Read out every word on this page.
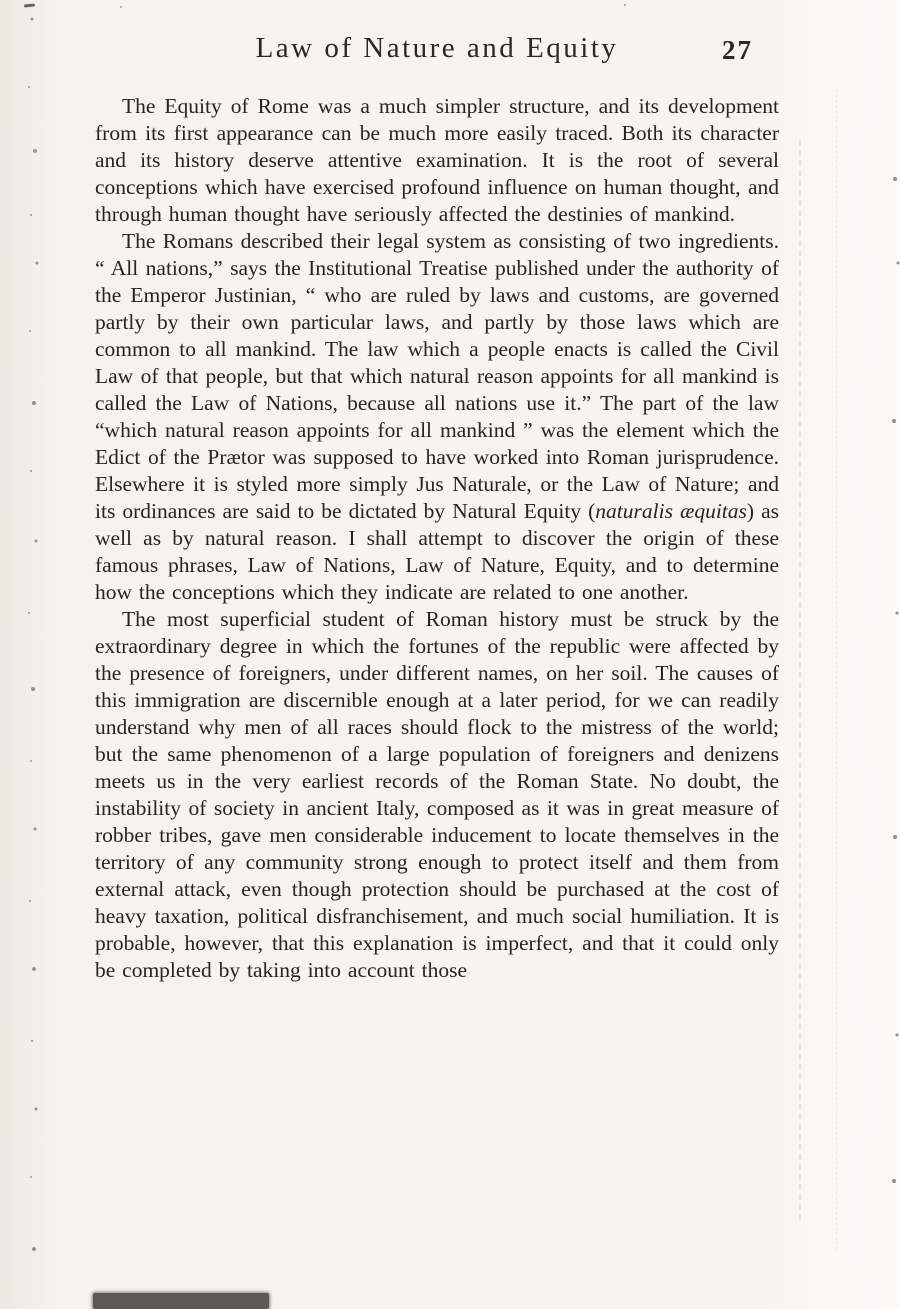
Law of Nature and Equity	27

The Equity of Rome was a much simpler structure, and its development from its first appearance can be much more easily traced. Both its character and its history deserve attentive examination. It is the root of several conceptions which have exercised profound influence on human thought, and through human thought have seriously affected the destinies of mankind.

The Romans described their legal system as consisting of two ingredients. “ All nations,” says the Institutional Treatise published under the authority of the Emperor Justinian, “ who are ruled by laws and customs, are governed partly by their own particular laws, and partly by those laws which are common to all mankind. The law which a people enacts is called the Civil Law of that people, but that which natural reason appoints for all mankind is called the Law of Nations, because all nations use it.” The part of the law “which natural reason appoints for all mankind ” was the element which the Edict of the Prætor was supposed to have worked into Roman jurisprudence. Elsewhere it is styled more simply Jus Naturale, or the Law of Nature; and its ordinances are said to be dictated by Natural Equity (naturalis æquitas) as well as by natural reason. I shall attempt to discover the origin of these famous phrases, Law of Nations, Law of Nature, Equity, and to determine how the conceptions which they indicate are related to one another.

The most superficial student of Roman history must be struck by the extraordinary degree in which the fortunes of the republic were affected by the presence of foreigners, under different names, on her soil. The causes of this immigration are discernible enough at a later period, for we can readily understand why men of all races should flock to the mistress of the world; but the same phenomenon of a large population of foreigners and denizens meets us in the very earliest records of the Roman State. No doubt, the instability of society in ancient Italy, composed as it was in great measure of robber tribes, gave men considerable inducement to locate themselves in the territory of any community strong enough to protect itself and them from external attack, even though protection should be purchased at the cost of heavy taxation, political disfranchisement, and much social humiliation. It is probable, however, that this explanation is imperfect, and that it could only be completed by taking into account those
